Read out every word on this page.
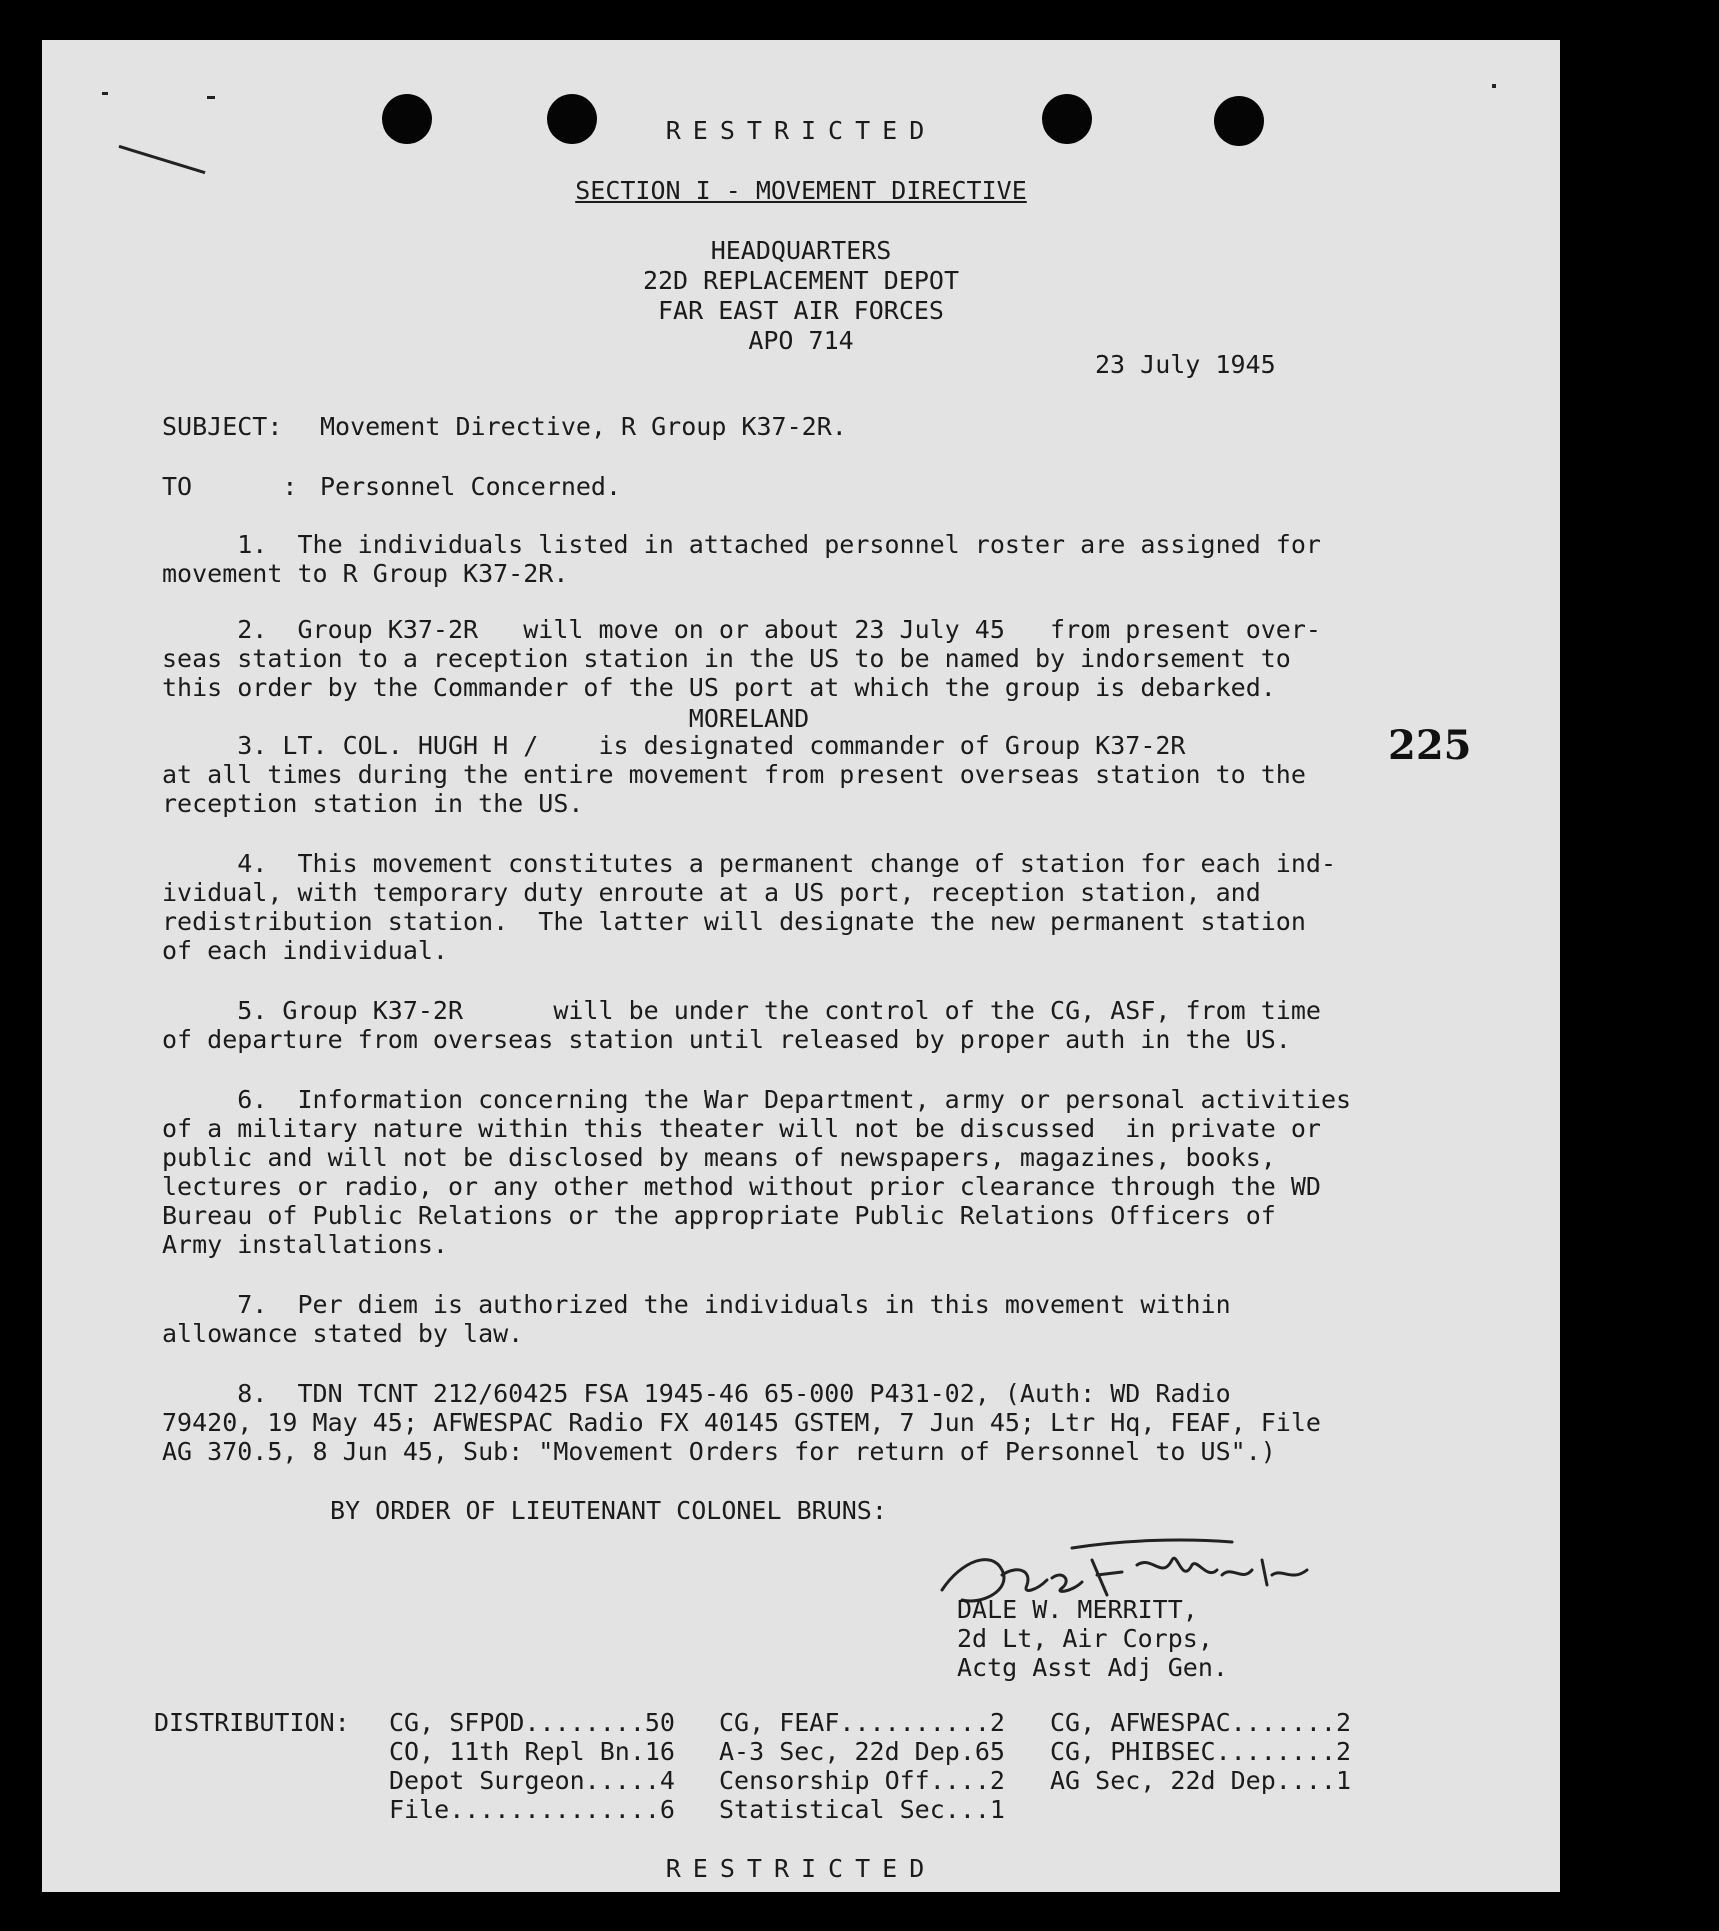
RESTRICTED
SECTION I - MOVEMENT DIRECTIVE
HEADQUARTERS
22D REPLACEMENT DEPOT
FAR EAST AIR FORCES
APO 714
23 July 1945
225
SUBJECT: Movement Directive, R Group K37-2R.
TO      : Personnel Concerned.
1.  The individuals listed in attached personnel roster are assigned for
movement to R Group K37-2R.
2.  Group K37-2R   will move on or about 23 July 45   from present over-
seas station to a reception station in the US to be named by indorsement to
this order by the Commander of the US port at which the group is debarked.
MORELAND
3. LT. COL. HUGH H /    is designated commander of Group K37-2R
at all times during the entire movement from present overseas station to the
reception station in the US.
4.  This movement constitutes a permanent change of station for each ind-
ividual, with temporary duty enroute at a US port, reception station, and
redistribution station.  The latter will designate the new permanent station
of each individual.
5. Group K37-2R      will be under the control of the CG, ASF, from time
of departure from overseas station until released by proper auth in the US.
6.  Information concerning the War Department, army or personal activities
of a military nature within this theater will not be discussed  in private or
public and will not be disclosed by means of newspapers, magazines, books,
lectures or radio, or any other method without prior clearance through the WD
Bureau of Public Relations or the appropriate Public Relations Officers of
Army installations.
7.  Per diem is authorized the individuals in this movement within
allowance stated by law.
8.  TDN TCNT 212/60425 FSA 1945-46 65-000 P431-02, (Auth: WD Radio
79420, 19 May 45; AFWESPAC Radio FX 40145 GSTEM, 7 Jun 45; Ltr Hq, FEAF, File
AG 370.5, 8 Jun 45, Sub: "Movement Orders for return of Personnel to US".)
BY ORDER OF LIEUTENANT COLONEL BRUNS:
DALE W. MERRITT,
2d Lt, Air Corps,
Actg Asst Adj Gen.
DISTRIBUTION: CG, SFPOD........50
CO, 11th Repl Bn.16
Depot Surgeon.....4
File..............6
CG, FEAF..........2
A-3 Sec, 22d Dep.65
Censorship Off....2
Statistical Sec...1
CG, AFWESPAC.......2
CG, PHIBSEC........2
AG Sec, 22d Dep....1
RESTRICTED
